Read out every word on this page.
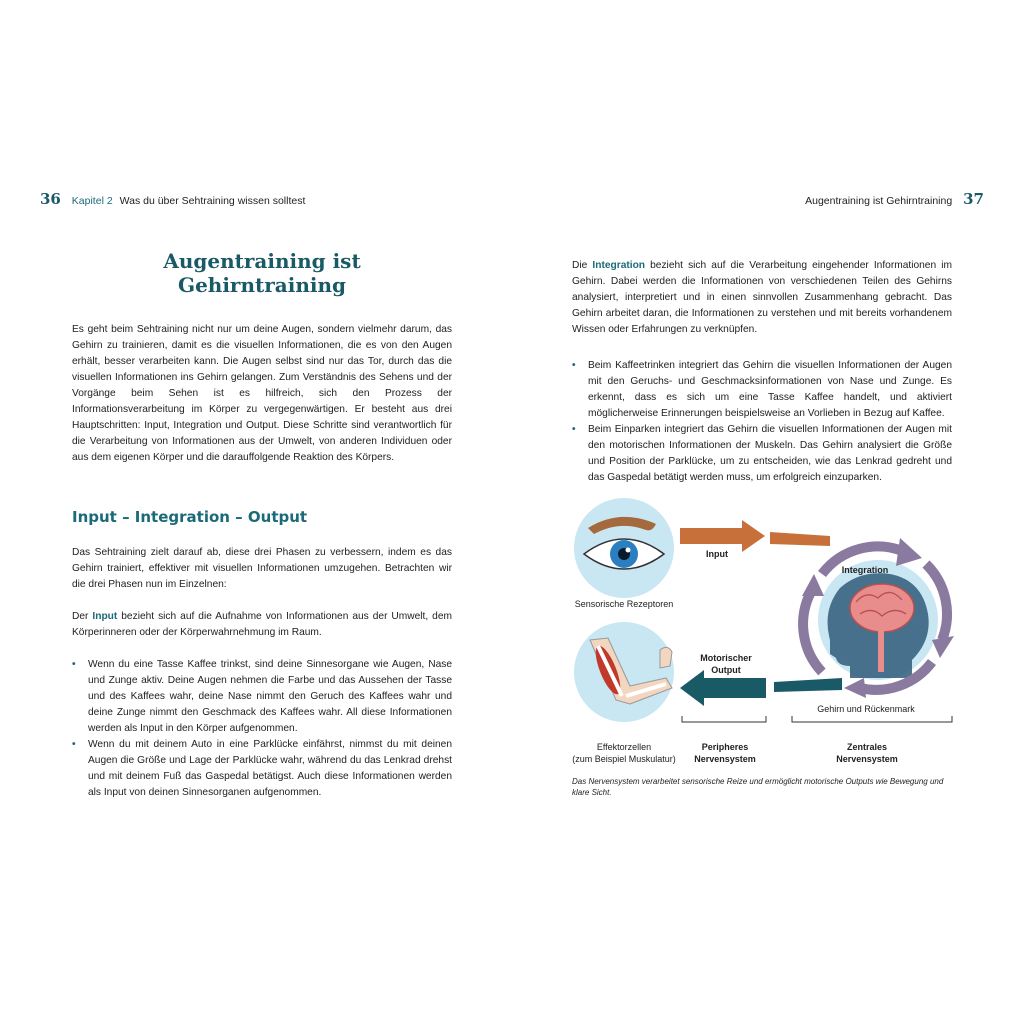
36 Kapitel 2 Was du über Sehtraining wissen solltest	Augentraining ist Gehirntraining 37
Augentraining ist
Gehirntraining

Es geht beim Sehtraining nicht nur um deine Augen, sondern vielmehr darum, das Gehirn zu trainieren, damit es die visuellen Informationen, die es von den Augen erhält, besser verarbeiten kann. Die Augen selbst sind nur das Tor, durch das die visuellen Informationen ins Gehirn gelangen. Zum Verständnis des Sehens und der Vorgänge beim Sehen ist es hilfreich, sich den Prozess der Informationsverarbeitung im Körper zu vergegenwärtigen. Er besteht aus drei Hauptschritten: Input, Integration und Output. Diese Schritte sind verantwortlich für die Verarbeitung von Informationen aus der Umwelt, von anderen Individuen oder aus dem eigenen Körper und die darauffolgende Reaktion des Körpers.

Input – Integration – Output

Das Sehtraining zielt darauf ab, diese drei Phasen zu verbessern, indem es das Gehirn trainiert, effektiver mit visuellen Informationen umzugehen. Betrachten wir die drei Phasen nun im Einzelnen:

Der Input bezieht sich auf die Aufnahme von Informationen aus der Umwelt, dem Körperinneren oder der Körperwahrnehmung im Raum.

• Wenn du eine Tasse Kaffee trinkst, sind deine Sinnesorgane wie Augen, Nase und Zunge aktiv. Deine Augen nehmen die Farbe und das Aussehen der Tasse und des Kaffees wahr, deine Nase nimmt den Geruch des Kaffees wahr und deine Zunge nimmt den Geschmack des Kaffees wahr. All diese Informationen werden als Input in den Körper aufgenommen.
• Wenn du mit deinem Auto in eine Parklücke einfährst, nimmst du mit deinen Augen die Größe und Lage der Parklücke wahr, während du das Lenkrad drehst und mit deinem Fuß das Gaspedal betätigst. Auch diese Informationen werden als Input von deinen Sinnesorganen aufgenommen.

Die Integration bezieht sich auf die Verarbeitung eingehender Informationen im Gehirn. Dabei werden die Informationen von verschiedenen Teilen des Gehirns analysiert, interpretiert und in einen sinnvollen Zusammenhang gebracht. Das Gehirn arbeitet daran, die Informationen zu verstehen und mit bereits vorhandenem Wissen oder Erfahrungen zu verknüpfen.

• Beim Kaffeetrinken integriert das Gehirn die visuellen Informationen der Augen mit den Geruchs- und Geschmacksinformationen von Nase und Zunge. Es erkennt, dass es sich um eine Tasse Kaffee handelt, und aktiviert möglicherweise Erinnerungen beispielsweise an Vorlieben in Bezug auf Kaffee.
• Beim Einparken integriert das Gehirn die visuellen Informationen der Augen mit den motorischen Informationen der Muskeln. Das Gehirn analysiert die Größe und Position der Parklücke, um zu entscheiden, wie das Lenkrad gedreht und das Gaspedal betätigt werden muss, um erfolgreich einzuparken.
Input
Integration
Sensorische Rezeptoren
Motorischer
Output
Gehirn und Rückenmark
Effektorzellen
(zum Beispiel Muskulatur)
Peripheres
Nervensystem
Zentrales
Nervensystem
Das Nervensystem verarbeitet sensorische Reize und ermöglicht motorische Outputs wie Bewegung und klare Sicht.
